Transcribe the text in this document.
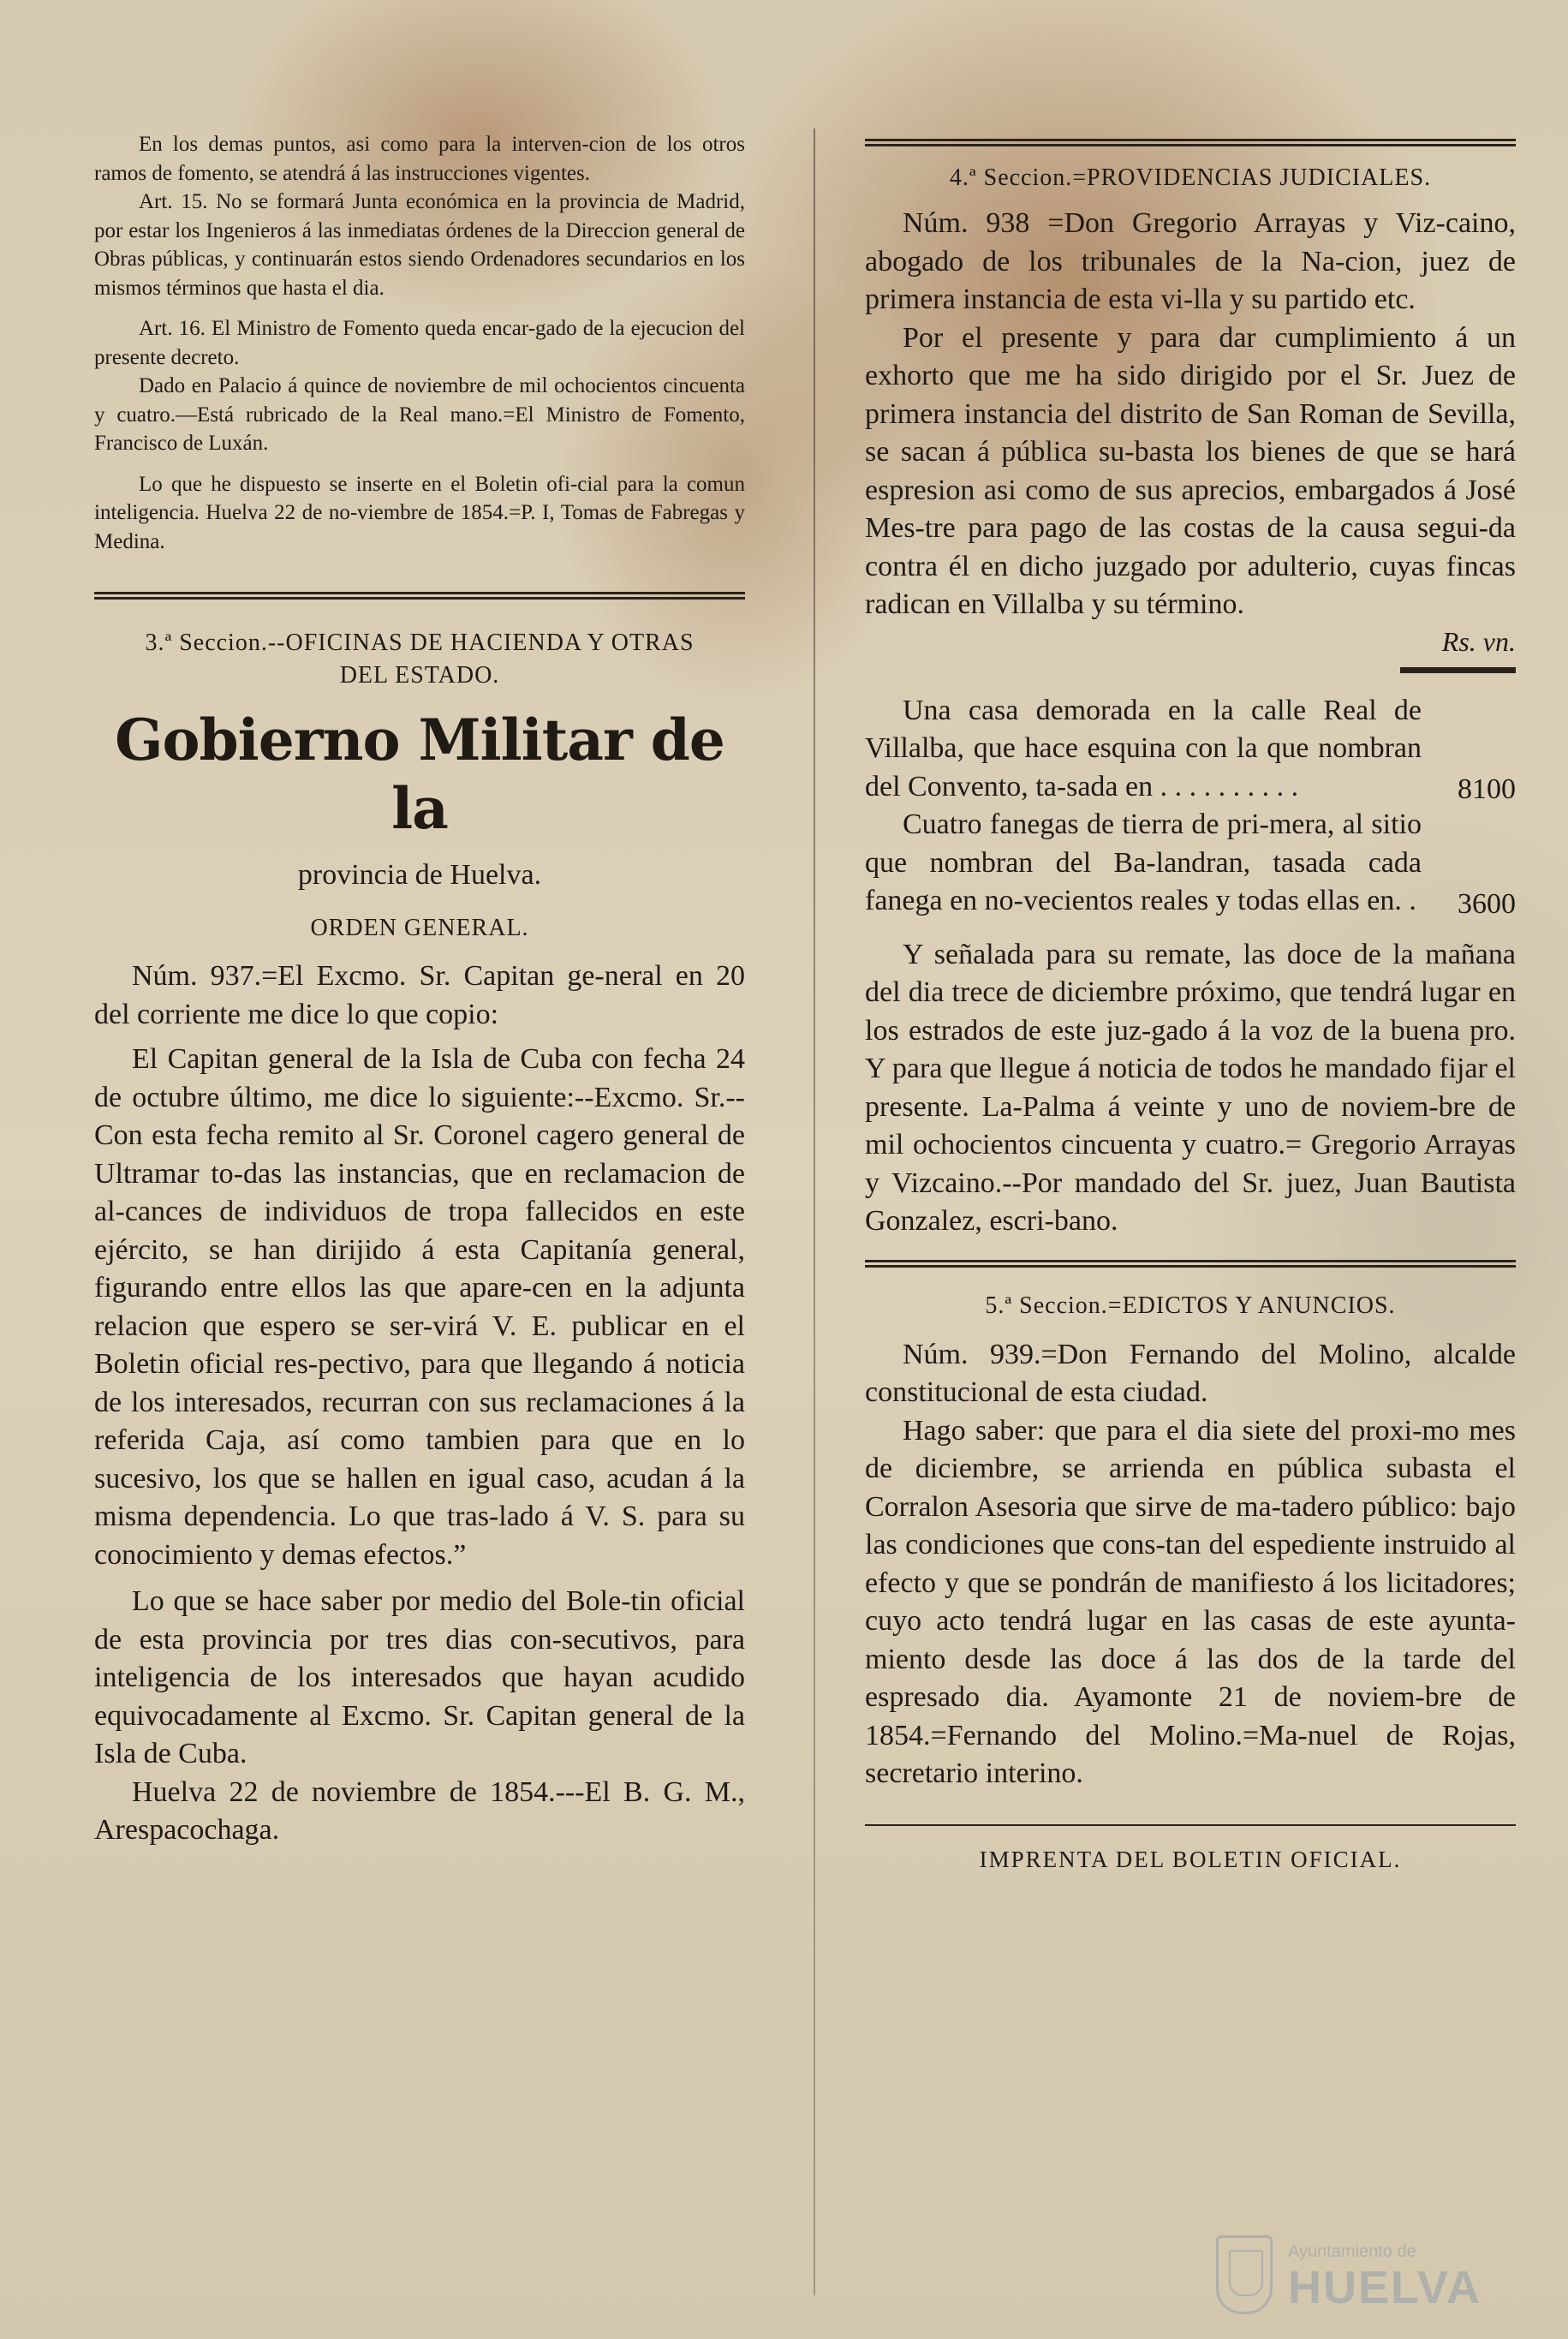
En los demas puntos, asi como para la interven-cion de los otros ramos de fomento, se atendrá á las instrucciones vigentes.

Art. 15. No se formará Junta económica en la provincia de Madrid, por estar los Ingenieros á las inmediatas órdenes de la Direccion general de Obras públicas, y continuarán estos siendo Ordenadores secundarios en los mismos términos que hasta el dia.

Art. 16. El Ministro de Fomento queda encar-gado de la ejecucion del presente decreto.

Dado en Palacio á quince de noviembre de mil ochocientos cincuenta y cuatro.—Está rubricado de la Real mano.=El Ministro de Fomento, Francisco de Luxán.

Lo que he dispuesto se inserte en el Boletin ofi-cial para la comun inteligencia. Huelva 22 de no-viembre de 1854.=P. I, Tomas de Fabregas y Medina.

3.ª Seccion.--OFICINAS DE HACIENDA Y OTRAS
DEL ESTADO.
Gobierno Militar de la
provincia de Huelva.
ORDEN GENERAL.

Núm. 937.=El Excmo. Sr. Capitan ge-neral en 20 del corriente me dice lo que copio:

El Capitan general de la Isla de Cuba con fecha 24 de octubre último, me dice lo siguiente:--Excmo. Sr.--Con esta fecha remito al Sr. Coronel cagero general de Ultramar to-das las instancias, que en reclamacion de al-cances de individuos de tropa fallecidos en este ejército, se han dirijido á esta Capitanía general, figurando entre ellos las que apare-cen en la adjunta relacion que espero se ser-virá V. E. publicar en el Boletin oficial res-pectivo, para que llegando á noticia de los interesados, recurran con sus reclamaciones á la referida Caja, así como tambien para que en lo sucesivo, los que se hallen en igual caso, acudan á la misma dependencia. Lo que tras-lado á V. S. para su conocimiento y demas efectos.”

Lo que se hace saber por medio del Bole-tin oficial de esta provincia por tres dias con-secutivos, para inteligencia de los interesados que hayan acudido equivocadamente al Excmo. Sr. Capitan general de la Isla de Cuba.

Huelva 22 de noviembre de 1854.---El B. G. M., Arespacochaga.

4.ª Seccion.=PROVIDENCIAS JUDICIALES.

Núm. 938 =Don Gregorio Arrayas y Viz-caino, abogado de los tribunales de la Na-cion, juez de primera instancia de esta vi-lla y su partido etc.

Por el presente y para dar cumplimiento á un exhorto que me ha sido dirigido por el Sr. Juez de primera instancia del distrito de San Roman de Sevilla, se sacan á pública su-basta los bienes de que se hará espresion asi como de sus aprecios, embargados á José Mes-tre para pago de las costas de la causa segui-da contra él en dicho juzgado por adulterio, cuyas fincas radican en Villalba y su término.

Rs. vn.

Una casa demorada en la calle Real de Villalba, que hace esquina con la que nombran del Convento, ta-sada en . . . . . . . . . .	8100

Cuatro fanegas de tierra de pri-mera, al sitio que nombran del Ba-landran, tasada cada fanega en no-vecientos reales y todas ellas en. .	3600

Y señalada para su remate, las doce de la mañana del dia trece de diciembre próximo, que tendrá lugar en los estrados de este juz-gado á la voz de la buena pro. Y para que llegue á noticia de todos he mandado fijar el presente. La-Palma á veinte y uno de noviem-bre de mil ochocientos cincuenta y cuatro.= Gregorio Arrayas y Vizcaino.--Por mandado del Sr. juez, Juan Bautista Gonzalez, escri-bano.

5.ª Seccion.=EDICTOS Y ANUNCIOS.

Núm. 939.=Don Fernando del Molino, alcalde constitucional de esta ciudad.

Hago saber: que para el dia siete del proxi-mo mes de diciembre, se arrienda en pública subasta el Corralon Asesoria que sirve de ma-tadero público: bajo las condiciones que cons-tan del espediente instruido al efecto y que se pondrán de manifiesto á los licitadores; cuyo acto tendrá lugar en las casas de este ayunta-miento desde las doce á las dos de la tarde del espresado dia. Ayamonte 21 de noviem-bre de 1854.=Fernando del Molino.=Ma-nuel de Rojas, secretario interino.

IMPRENTA DEL BOLETIN OFICIAL.
Ayuntamiento de
HUELVA
